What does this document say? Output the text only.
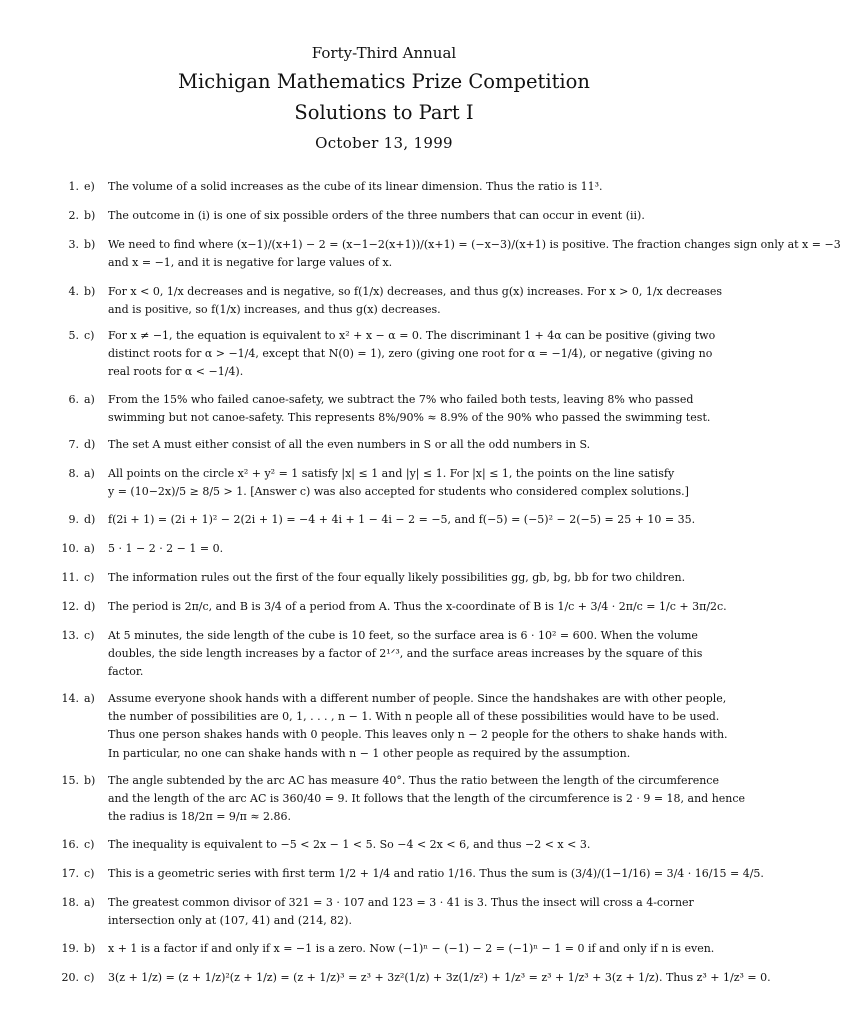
Forty-Third Annual
Michigan Mathematics Prize Competition
Solutions to Part I
October 13, 1999
1. e) The volume of a solid increases as the cube of its linear dimension. Thus the ratio is 11³.
2. b) The outcome in (i) is one of six possible orders of the three numbers that can occur in event (ii).
3. b) We need to find where (x−1)/(x+1) − 2 = (x−1−2(x+1))/(x+1) = (−x−3)/(x+1) is positive. The fraction changes sign only at x = −3
and x = −1, and it is negative for large values of x.
4. b) For x < 0, 1/x decreases and is negative, so f(1/x) decreases, and thus g(x) increases. For x > 0, 1/x decreases
and is positive, so f(1/x) increases, and thus g(x) decreases.
5. c) For x ≠ −1, the equation is equivalent to x² + x − α = 0. The discriminant 1 + 4α can be positive (giving two
distinct roots for α > −1/4, except that N(0) = 1), zero (giving one root for α = −1/4), or negative (giving no
real roots for α < −1/4).
6. a) From the 15% who failed canoe-safety, we subtract the 7% who failed both tests, leaving 8% who passed
swimming but not canoe-safety. This represents 8%/90% ≈ 8.9% of the 90% who passed the swimming test.
7. d) The set A must either consist of all the even numbers in S or all the odd numbers in S.
8. a) All points on the circle x² + y² = 1 satisfy |x| ≤ 1 and |y| ≤ 1. For |x| ≤ 1, the points on the line satisfy
y = (10−2x)/5 ≥ 8/5 > 1. [Answer c) was also accepted for students who considered complex solutions.]
9. d) f(2i + 1) = (2i + 1)² − 2(2i + 1) = −4 + 4i + 1 − 4i − 2 = −5, and f(−5) = (−5)² − 2(−5) = 25 + 10 = 35.
10. a) 5 · 1 − 2 · 2 − 1 = 0.
11. c) The information rules out the first of the four equally likely possibilities gg, gb, bg, bb for two children.
12. d) The period is 2π/c, and B is 3/4 of a period from A. Thus the x-coordinate of B is 1/c + 3/4 · 2π/c = 1/c + 3π/2c.
13. c) At 5 minutes, the side length of the cube is 10 feet, so the surface area is 6 · 10² = 600. When the volume
doubles, the side length increases by a factor of 2¹ᐟ³, and the surface areas increases by the square of this
factor.
14. a) Assume everyone shook hands with a different number of people. Since the handshakes are with other people,
the number of possibilities are 0, 1, . . . , n − 1. With n people all of these possibilities would have to be used.
Thus one person shakes hands with 0 people. This leaves only n − 2 people for the others to shake hands with.
In particular, no one can shake hands with n − 1 other people as required by the assumption.
15. b) The angle subtended by the arc AC has measure 40°. Thus the ratio between the length of the circumference
and the length of the arc AC is 360/40 = 9. It follows that the length of the circumference is 2 · 9 = 18, and hence
the radius is 18/2π = 9/π ≈ 2.86.
16. c) The inequality is equivalent to −5 < 2x − 1 < 5. So −4 < 2x < 6, and thus −2 < x < 3.
17. c) This is a geometric series with first term 1/2 + 1/4 and ratio 1/16. Thus the sum is (3/4)/(1−1/16) = 3/4 · 16/15 = 4/5.
18. a) The greatest common divisor of 321 = 3 · 107 and 123 = 3 · 41 is 3. Thus the insect will cross a 4-corner
intersection only at (107, 41) and (214, 82).
19. b) x + 1 is a factor if and only if x = −1 is a zero. Now (−1)ⁿ − (−1) − 2 = (−1)ⁿ − 1 = 0 if and only if n is even.
20. c) 3(z + 1/z) = (z + 1/z)²(z + 1/z) = (z + 1/z)³ = z³ + 3z²(1/z) + 3z(1/z²) + 1/z³ = z³ + 1/z³ + 3(z + 1/z). Thus z³ + 1/z³ = 0.
